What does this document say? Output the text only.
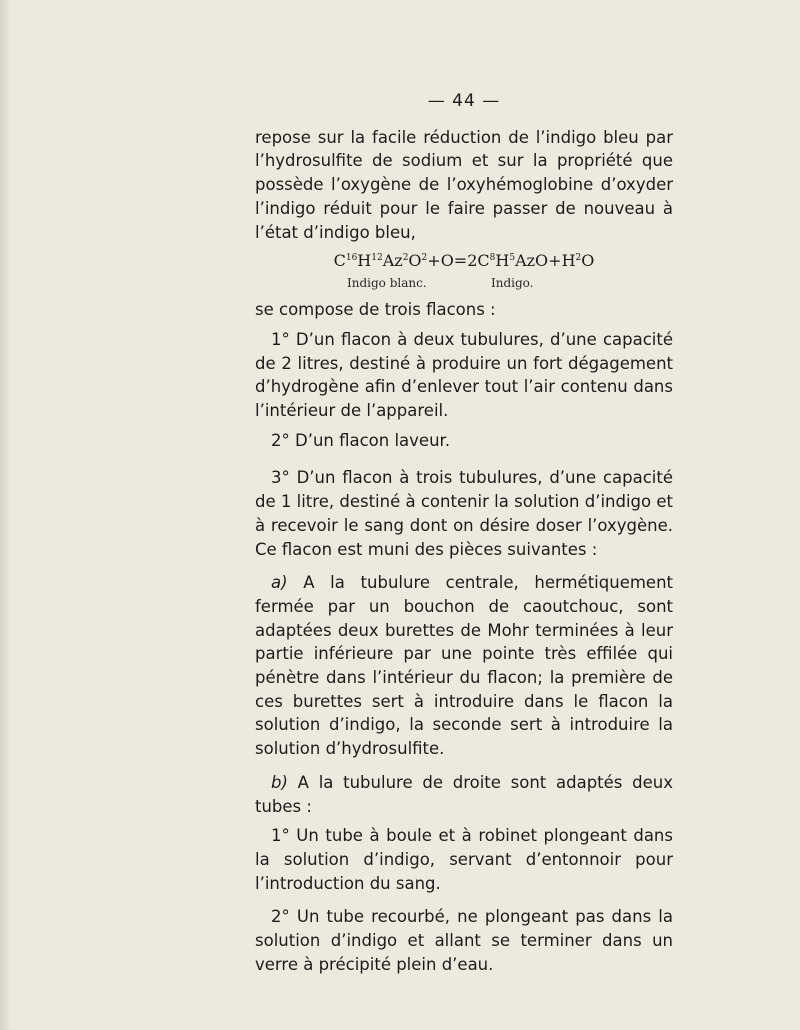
— 44 —

repose sur la facile réduction de l’indigo bleu par l’hydrosulfite de sodium et sur la propriété que possède l’oxygène de l’oxyhémoglobine d’oxyder l’indigo réduit pour le faire passer de nouveau à l’état d’indigo bleu,

$C^{16}H^{12}Az^2O^2+O=2C^8H^5AzO+H^2O$
Indigo blanc.	Indigo.

se compose de trois flacons :

1° D’un flacon à deux tubulures, d’une capacité de 2 litres, destiné à produire un fort dégagement d’hydrogène afin d’enlever tout l’air contenu dans l’intérieur de l’appareil.

2° D’un flacon laveur.

3° D’un flacon à trois tubulures, d’une capacité de 1 litre, destiné à contenir la solution d’indigo et à recevoir le sang dont on désire doser l’oxygène. Ce flacon est muni des pièces suivantes :

a) A la tubulure centrale, hermétiquement fermée par un bouchon de caoutchouc, sont adaptées deux burettes de Mohr terminées à leur partie inférieure par une pointe très effilée qui pénètre dans l’intérieur du flacon; la première de ces burettes sert à introduire dans le flacon la solution d’indigo, la seconde sert à introduire la solution d’hydrosulfite.

b) A la tubulure de droite sont adaptés deux tubes :

1° Un tube à boule et à robinet plongeant dans la solution d’indigo, servant d’entonnoir pour l’introduction du sang.

2° Un tube recourbé, ne plongeant pas dans la solution d’indigo et allant se terminer dans un verre à précipité plein d’eau.
